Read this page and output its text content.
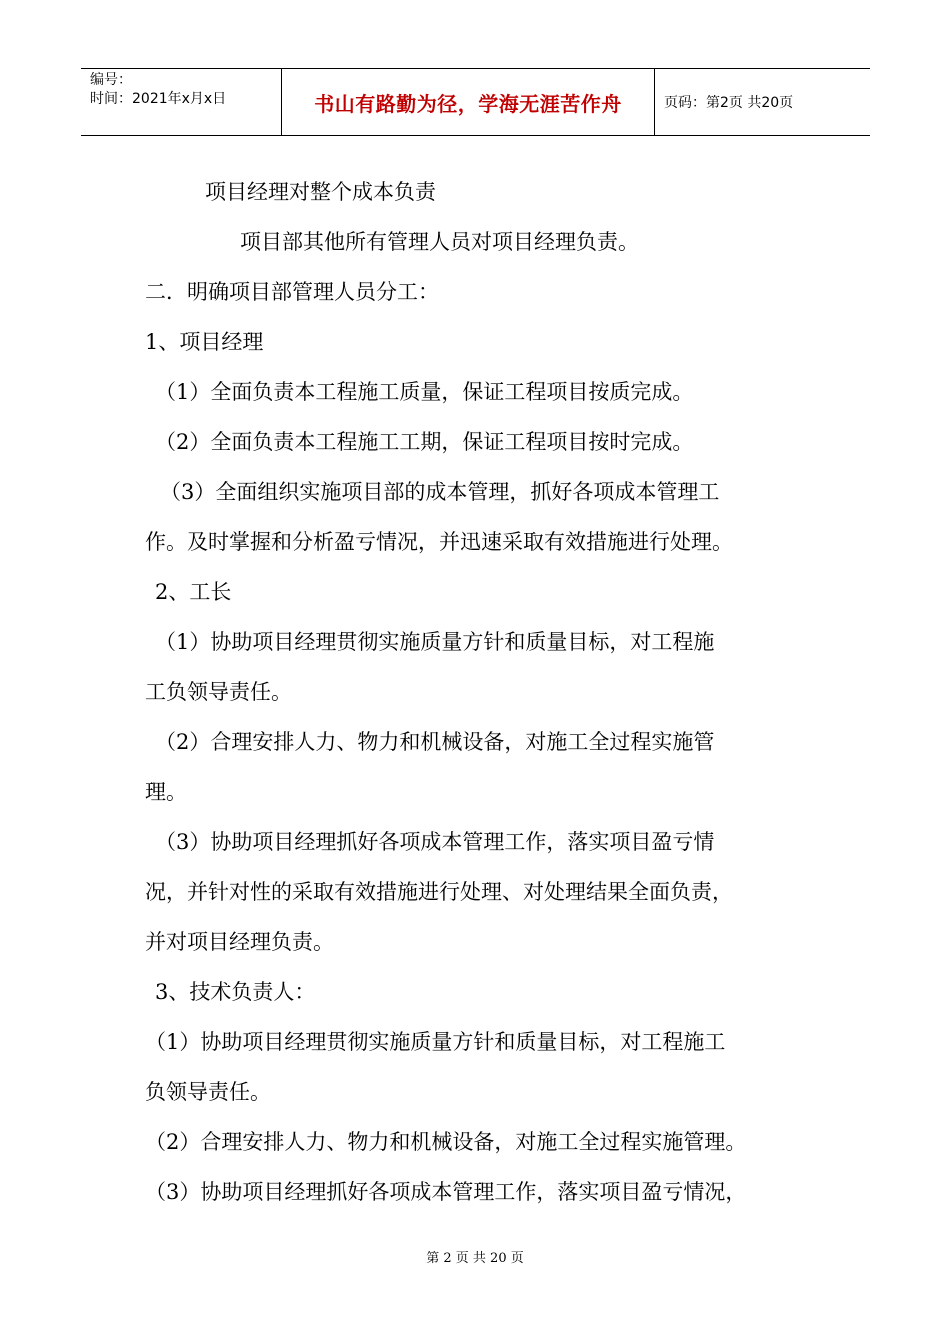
编号：
时间：2021年x月x日	书山有路勤为径，学海无涯苦作舟	页码：第2页 共20页
项目经理对整个成本负责
项目部其他所有管理人员对项目经理负责。
二．明确项目部管理人员分工：
1、项目经理
（1）全面负责本工程施工质量，保证工程项目按质完成。
（2）全面负责本工程施工工期，保证工程项目按时完成。
（3）全面组织实施项目部的成本管理，抓好各项成本管理工
作。及时掌握和分析盈亏情况，并迅速采取有效措施进行处理。
2、工长
（1）协助项目经理贯彻实施质量方针和质量目标，对工程施
工负领导责任。
（2）合理安排人力、物力和机械设备，对施工全过程实施管
理。
（3）协助项目经理抓好各项成本管理工作，落实项目盈亏情
况，并针对性的采取有效措施进行处理、对处理结果全面负责，
并对项目经理负责。
3、技术负责人：
（1）协助项目经理贯彻实施质量方针和质量目标，对工程施工
负领导责任。
（2）合理安排人力、物力和机械设备，对施工全过程实施管理。
（3）协助项目经理抓好各项成本管理工作，落实项目盈亏情况，
第 2 页 共 20 页
